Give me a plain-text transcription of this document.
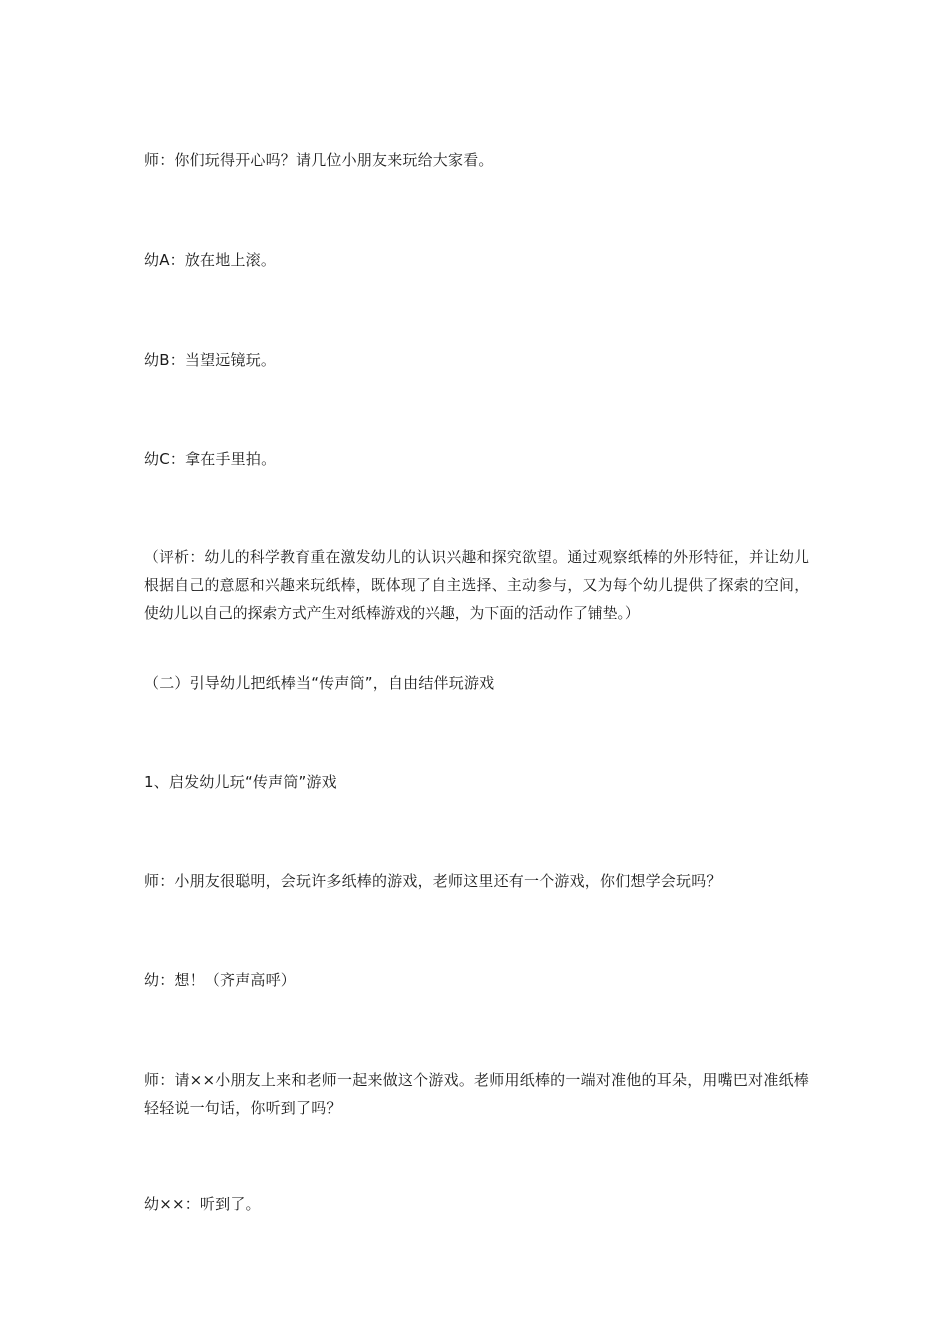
师：你们玩得开心吗？请几位小朋友来玩给大家看。

幼A：放在地上滚。

幼B：当望远镜玩。

幼C：拿在手里拍。

（评析：幼儿的科学教育重在激发幼儿的认识兴趣和探究欲望。通过观察纸棒的外形特征，并让幼儿根据自己的意愿和兴趣来玩纸棒，既体现了自主选择、主动参与，又为每个幼儿提供了探索的空间，使幼儿以自己的探索方式产生对纸棒游戏的兴趣，为下面的活动作了铺垫。）

（二）引导幼儿把纸棒当“传声筒”，自由结伴玩游戏

1、启发幼儿玩“传声筒”游戏

师：小朋友很聪明，会玩许多纸棒的游戏，老师这里还有一个游戏，你们想学会玩吗？

幼：想！（齐声高呼）

师：请××小朋友上来和老师一起来做这个游戏。老师用纸棒的一端对准他的耳朵，用嘴巴对准纸棒轻轻说一句话，你听到了吗？

幼××：听到了。
